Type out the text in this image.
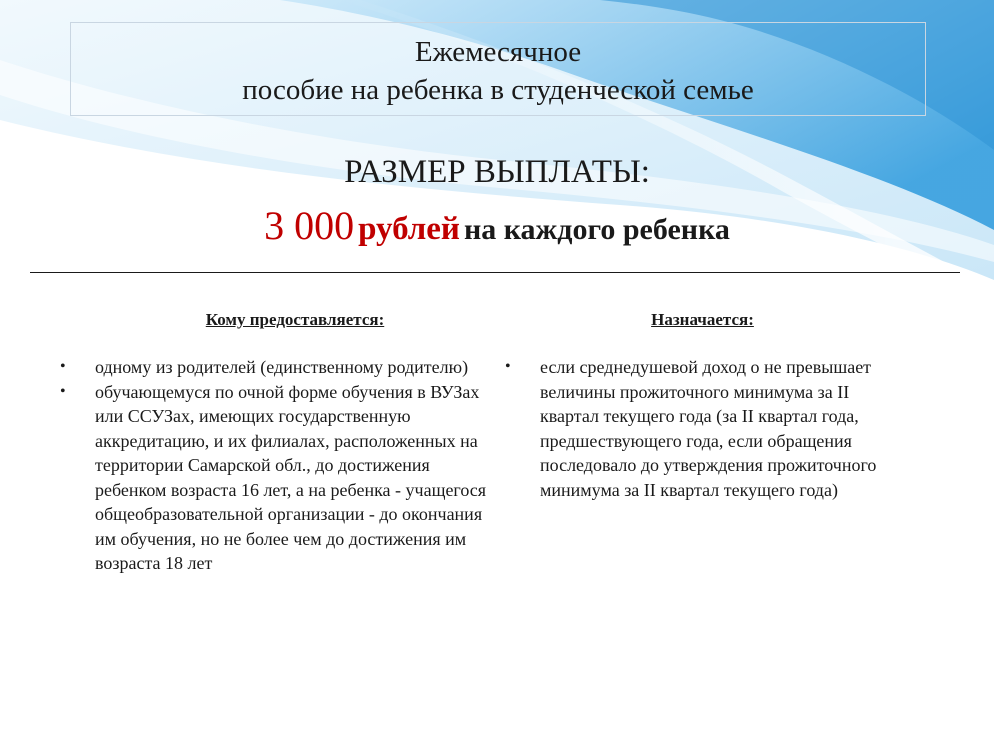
Ежемесячное
пособие на ребенка в студенческой семье
РАЗМЕР ВЫПЛАТЫ:
3 000 рублей на каждого ребенка
Кому предоставляется:
• одному из родителей (единственному родителю)
• обучающемуся по очной форме обучения в ВУЗах или ССУЗах, имеющих государственную аккредитацию, и их филиалах, расположенных на территории Самарской обл., до достижения ребенком возраста 16 лет, а на ребенка - учащегося общеобразовательной организации - до окончания им обучения, но не более чем до достижения им возраста 18 лет
Назначается:
• если среднедушевой доход о не превышает величины прожиточного минимума за II квартал текущего года (за II квартал года, предшествующего года, если обращения последовало до утверждения прожиточного минимума за II квартал текущего года)
